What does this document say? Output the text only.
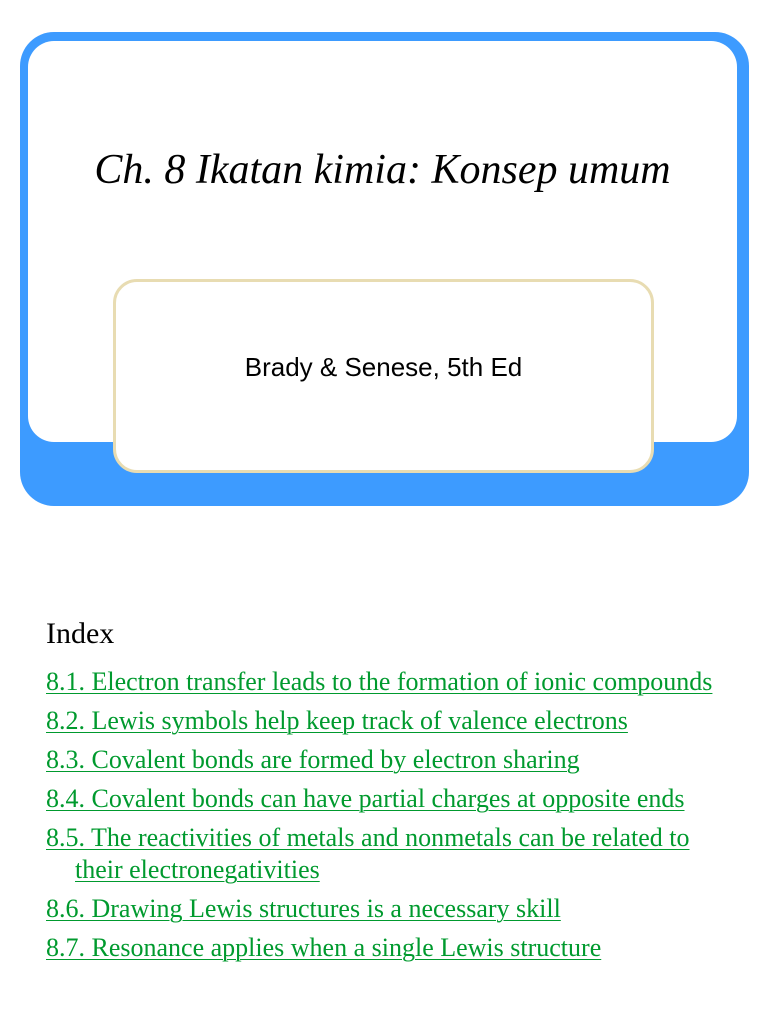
Ch. 8 Ikatan kimia: Konsep umum
Brady & Senese, 5th Ed
Index
8.1. Electron transfer leads to the formation of ionic compounds
8.2. Lewis symbols help keep track of valence electrons
8.3. Covalent bonds are formed by electron sharing
8.4. Covalent bonds can have partial charges at opposite ends
8.5. The reactivities of metals and nonmetals can be related to their electronegativities
8.6. Drawing Lewis structures is a necessary skill
8.7. Resonance applies when a single Lewis structure
